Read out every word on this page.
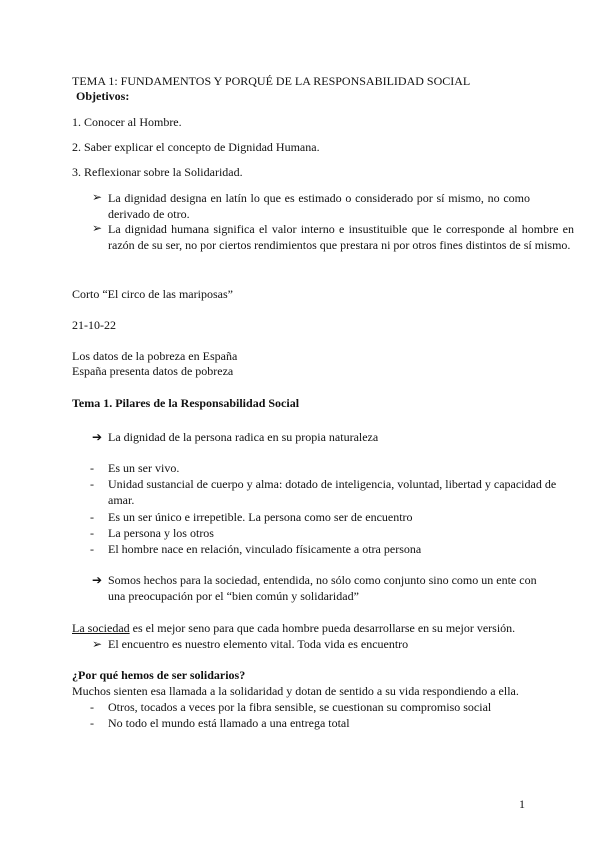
TEMA 1: FUNDAMENTOS Y PORQUÉ DE LA RESPONSABILIDAD SOCIAL
Objetivos:
1. Conocer al Hombre.
2. Saber explicar el concepto de Dignidad Humana.
3. Reflexionar sobre la Solidaridad.
➢ La dignidad designa en latín lo que es estimado o considerado por sí mismo, no como derivado de otro.
➢ La dignidad humana significa el valor interno e insustituible que le corresponde al hombre en razón de su ser, no por ciertos rendimientos que prestara ni por otros fines distintos de sí mismo.
Corto “El circo de las mariposas”
21-10-22
Los datos de la pobreza en España
España presenta datos de pobreza
Tema 1. Pilares de la Responsabilidad Social
➔ La dignidad de la persona radica en su propia naturaleza
-	Es un ser vivo.
-	Unidad sustancial de cuerpo y alma: dotado de inteligencia, voluntad, libertad y capacidad de amar.
-	Es un ser único e irrepetible. La persona como ser de encuentro
-	La persona y los otros
-	El hombre nace en relación, vinculado físicamente a otra persona
➔ Somos hechos para la sociedad, entendida, no sólo como conjunto sino como un ente con una preocupación por el “bien común y solidaridad”
La sociedad es el mejor seno para que cada hombre pueda desarrollarse en su mejor versión.
➢ El encuentro es nuestro elemento vital. Toda vida es encuentro
¿Por qué hemos de ser solidarios?
Muchos sienten esa llamada a la solidaridad y dotan de sentido a su vida respondiendo a ella.
-	Otros, tocados a veces por la fibra sensible, se cuestionan su compromiso social
-	No todo el mundo está llamado a una entrega total
1
